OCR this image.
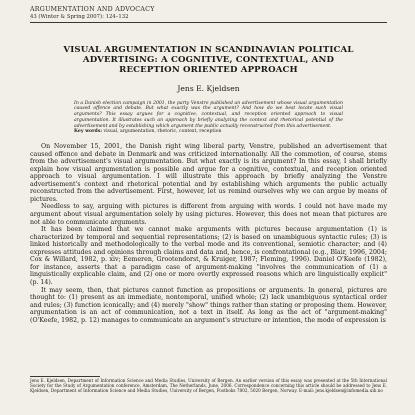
ARGUMENTATION AND ADVOCACY
43 (Winter & Spring 2007): 124–132
VISUAL ARGUMENTATION IN SCANDINAVIAN POLITICAL ADVERTISING: A COGNITIVE, CONTEXTUAL, AND RECEPTION ORIENTED APPROACH
Jens E. Kjeldsen

In a Danish election campaign in 2001, the party Venstre published an advertisement whose visual argumentation caused offence and debate. But what exactly was the argument? And how do we best locate such visual arguments? This essay argues for a cognitive, contextual, and reception oriented approach to visual argumentation. It illustrates such an approach by briefly analyzing the context and rhetorical potential of the advertisement and by establishing which argument the public actually reconstructed from this advertisement.

Key words: visual, argumentation, rhetoric, context, reception

On November 15, 2001, the Danish right wing liberal party, Venstre, published an advertisement that caused offence and debate in Denmark and was criticized internationally. All the commotion, of course, stems from the advertisement's visual argumentation. But what exactly is its argument? In this essay, I shall briefly explain how visual argumentation is possible and argue for a cognitive, contextual, and reception oriented approach to visual argumentation. I will illustrate this approach by briefly analyzing the Venstre advertisement's context and rhetorical potential and by establishing which arguments the public actually reconstructed from the advertisement. First, however, let us remind ourselves why we can argue by means of pictures.

Needless to say, arguing with pictures is different from arguing with words. I could not have made my argument about visual argumentation solely by using pictures. However, this does not mean that pictures are not able to communicate arguments.

It has been claimed that we cannot make arguments with pictures because argumentation (1) is characterized by temporal and sequential representations; (2) is based on unambiguous syntactic rules; (3) is linked historically and methodologically to the verbal mode and its conventional, semiotic character; and (4) expresses attitudes and opinions through claims and data and, hence, is confrontational (e.g., Blair, 1996, 2004; Cox & Willard, 1982, p. xiv; Eemeren, Grootendorst, & Kruiger, 1987; Fleming, 1996). Daniel O'Keefe (1982), for instance, asserts that a paradigm case of argument-making "involves the communication of (1) a linguistically explicable claim, and (2) one or more overtly expressed reasons which are linguistically explicit" (p. 14).

It may seem, then, that pictures cannot function as propositions or arguments. In general, pictures are thought to: (1) present as an immediate, nontemporal, unified whole; (2) lack unambiguous syntactical order and rules; (3) function iconically; and (4) merely "show" things rather than stating or proposing them. However, argumentation is an act of communication, not a text in itself. As long as the act of "argument-making" (O'Keefe, 1982, p. 12) manages to communicate an argument's structure or intention, the mode of expression is

Jens E. Kjeldsen, Department of Information Science and Media Studies, University of Bergen. An earlier version of this essay was presented at the 5th International Society for the Study of Argumentation conference, Amsterdam, The Netherlands, June, 2006. Correspondence concerning this article should be addressed to Jens E. Kjeldsen, Department of Information Science and Media Studies, University of Bergen, Postboks 7802, 5020 Bergen, Norway. E-mail: jens.kjeldsen@infomedia.uib.no
